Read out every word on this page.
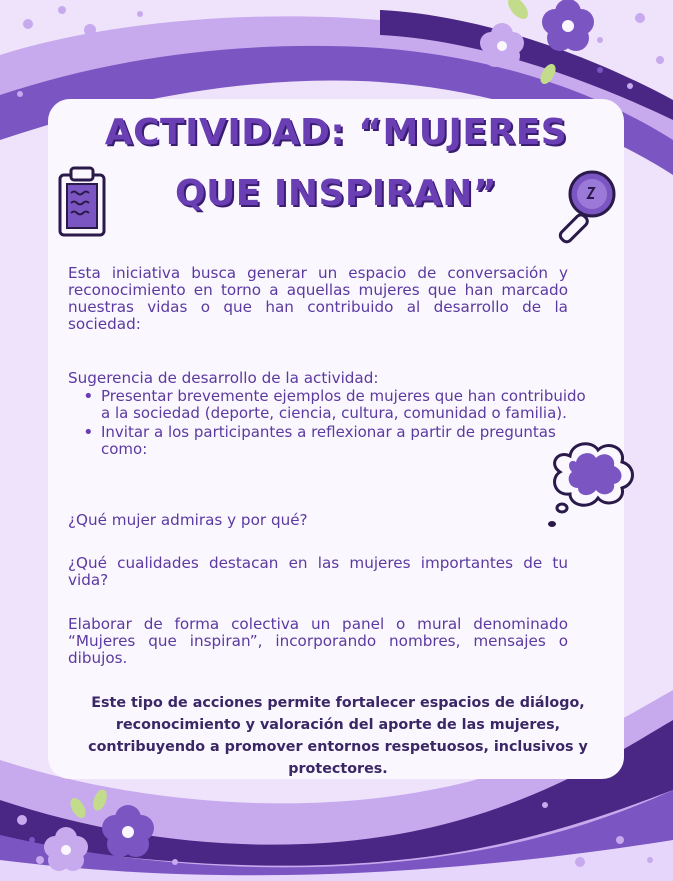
ACTIVIDAD: “MUJERES
QUE INSPIRAN”
Esta iniciativa busca generar un espacio de conversación y reconocimiento en torno a aquellas mujeres que han marcado nuestras vidas o que han contribuido al desarrollo de la sociedad:
Sugerencia de desarrollo de la actividad:
• Presentar brevemente ejemplos de mujeres que han contribuido a la sociedad (deporte, ciencia, cultura, comunidad o familia).
• Invitar a los participantes a reflexionar a partir de preguntas como:
¿Qué mujer admiras y por qué?
¿Qué cualidades destacan en las mujeres importantes de tu vida?
Elaborar de forma colectiva un panel o mural denominado “Mujeres que inspiran”, incorporando nombres, mensajes o dibujos.
Este tipo de acciones permite fortalecer espacios de diálogo, reconocimiento y valoración del aporte de las mujeres, contribuyendo a promover entornos respetuosos, inclusivos y protectores.
